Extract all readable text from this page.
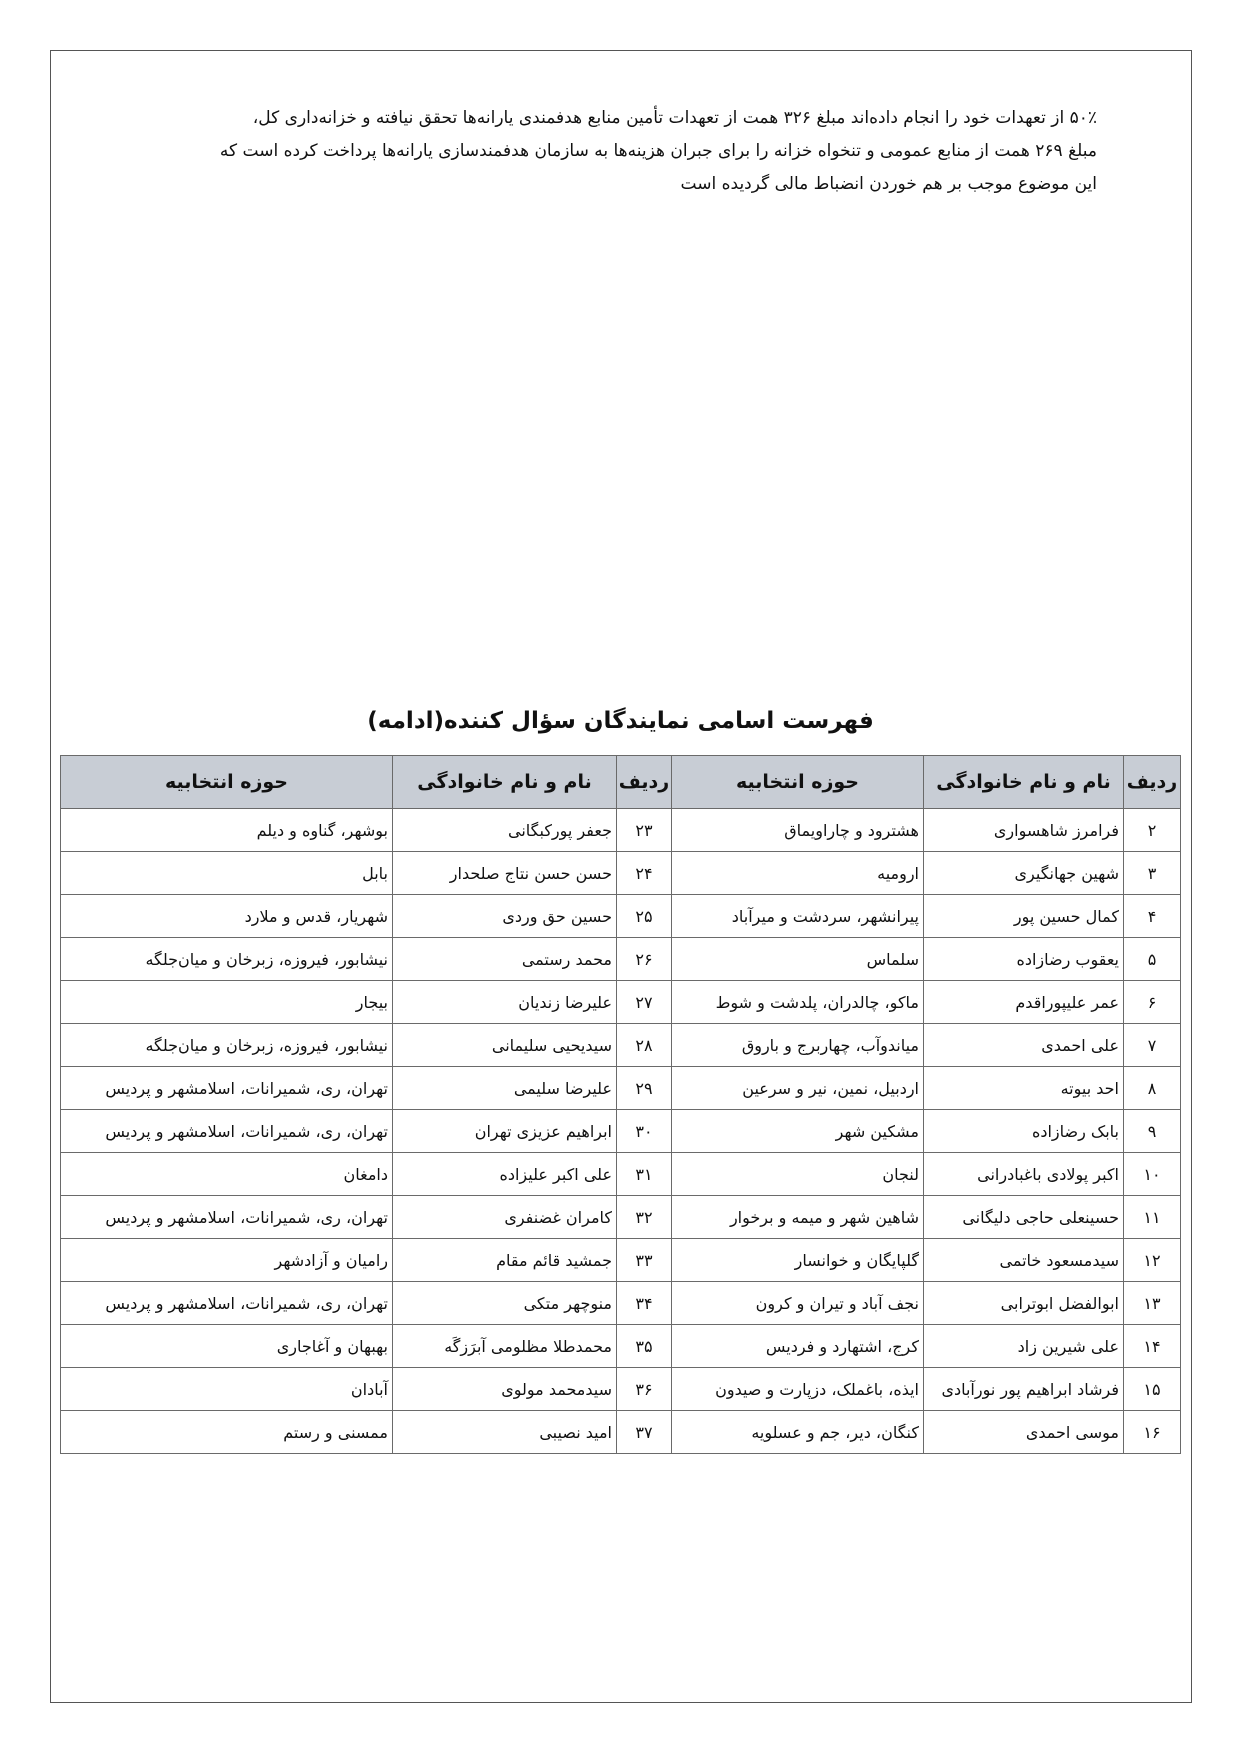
۵۰٪ از تعهدات خود را انجام داده‌اند مبلغ ۳۲۶ همت از تعهدات تأمین منابع هدفمندی یارانه‌ها تحقق نیافته و خزانه‌داری کل،
مبلغ ۲۶۹ همت از منابع عمومی و تنخواه خزانه را برای جبران هزینه‌ها به سازمان هدفمندسازی یارانه‌ها پرداخت کرده است که
این موضوع موجب بر هم خوردن انضباط مالی گردیده است
فهرست اسامی نمایندگان سؤال کننده(ادامه)
ردیف	نام و نام خانوادگی	حوزه انتخابیه	ردیف	نام و نام خانوادگی	حوزه انتخابیه
۲	فرامرز شاهسواری	هشترود و چاراویماق	۲۳	جعفر پورکبگانی	بوشهر، گناوه و دیلم
۳	شهین جهانگیری	ارومیه	۲۴	حسن حسن نتاج صلحدار	بابل
۴	کمال حسین پور	پیرانشهر، سردشت و میرآباد	۲۵	حسین حق وردی	شهریار، قدس و ملارد
۵	یعقوب رضازاده	سلماس	۲۶	محمد رستمی	نیشابور، فیروزه، زبرخان و میان‌جلگه
۶	عمر علیپوراقدم	ماکو، چالدران، پلدشت و شوط	۲۷	علیرضا زندیان	بیجار
۷	علی احمدی	میاندوآب، چهاربرج و باروق	۲۸	سیدیحیی سلیمانی	نیشابور، فیروزه، زبرخان و میان‌جلگه
۸	احد بیوته	اردبیل، نمین، نیر و سرعین	۲۹	علیرضا سلیمی	تهران، ری، شمیرانات، اسلامشهر و پردیس
۹	بابک رضازاده	مشکین شهر	۳۰	ابراهیم عزیزی تهران	تهران، ری، شمیرانات، اسلامشهر و پردیس
۱۰	اکبر پولادی باغبادرانی	لنجان	۳۱	علی اکبر علیزاده	دامغان
۱۱	حسینعلی حاجی دلیگانی	شاهین شهر و میمه و برخوار	۳۲	کامران غضنفری	تهران، ری، شمیرانات، اسلامشهر و پردیس
۱۲	سیدمسعود خاتمی	گلپایگان و خوانسار	۳۳	جمشید قائم مقام	رامیان و آزادشهر
۱۳	ابوالفضل ابوترابی	نجف آباد و تیران و کرون	۳۴	منوچهر متکی	تهران، ری، شمیرانات، اسلامشهر و پردیس
۱۴	علی شیرین زاد	کرج، اشتهارد و فردیس	۳۵	محمدطلا مظلومی آبرَزگَه	بهبهان و آغاجاری
۱۵	فرشاد ابراهیم پور نورآبادی	ایذه، باغملک، دزپارت و صیدون	۳۶	سیدمحمد مولوی	آبادان
۱۶	موسی احمدی	کنگان، دیر، جم و عسلویه	۳۷	امید نصیبی	ممسنی و رستم
